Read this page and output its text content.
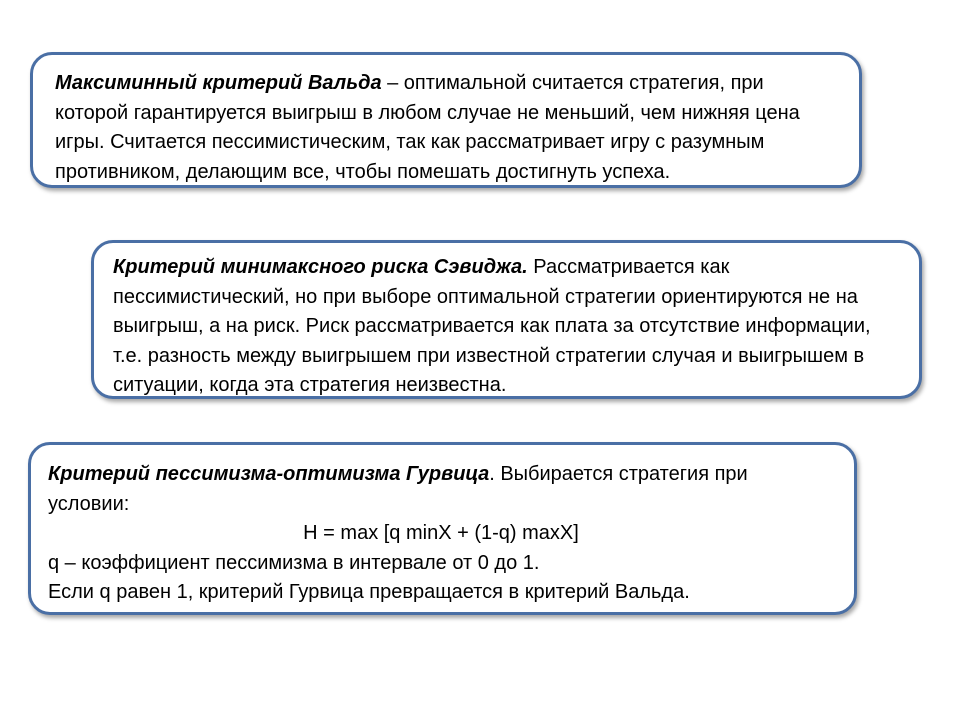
Максиминный критерий Вальда – оптимальной считается стратегия, при которой гарантируется выигрыш в любом случае не меньший, чем нижняя цена игры. Считается пессимистическим, так как рассматривает игру с разумным противником, делающим все, чтобы помешать достигнуть успеха.
Критерий минимаксного риска Сэвиджа. Рассматривается как пессимистический, но при выборе оптимальной стратегии ориентируются не на выигрыш, а на риск. Риск рассматривается как плата за отсутствие информации, т.е. разность между выигрышем при известной стратегии случая и выигрышем в ситуации, когда эта стратегия неизвестна.
Критерий пессимизма-оптимизма Гурвица. Выбирается стратегия при условии:
H = max [q minX + (1-q) maxX]
q – коэффициент пессимизма в интервале от 0 до 1.
Если q равен 1, критерий Гурвица превращается в критерий Вальда.
